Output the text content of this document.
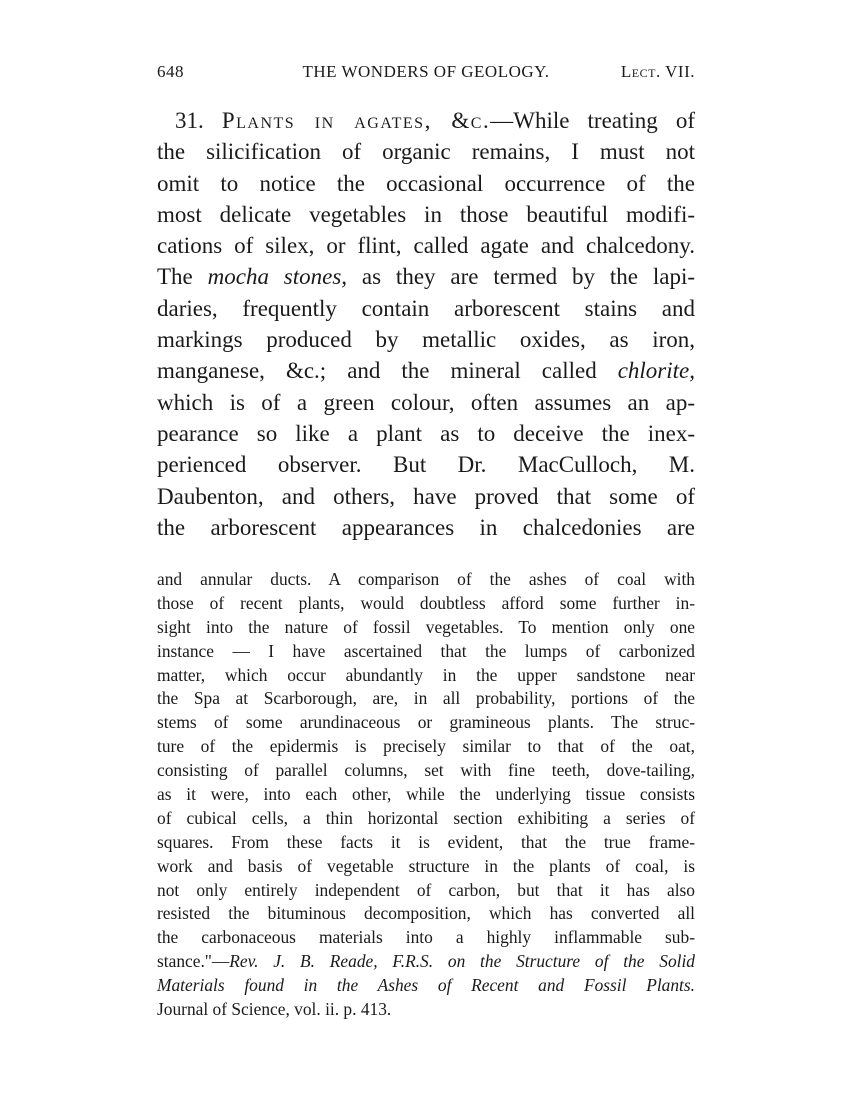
648	THE WONDERS OF GEOLOGY.	Lect. VII.
31. Plants in agates, &c.—While treating of
the silicification of organic remains, I must not
omit to notice the occasional occurrence of the
most delicate vegetables in those beautiful modifi-
cations of silex, or flint, called agate and chalcedony.
The mocha stones, as they are termed by the lapi-
daries, frequently contain arborescent stains and
markings produced by metallic oxides, as iron,
manganese, &c.; and the mineral called chlorite,
which is of a green colour, often assumes an ap-
pearance so like a plant as to deceive the inex-
perienced observer. But Dr. MacCulloch, M.
Daubenton, and others, have proved that some of
the arborescent appearances in chalcedonies are
and annular ducts. A comparison of the ashes of coal with
those of recent plants, would doubtless afford some further in-
sight into the nature of fossil vegetables. To mention only one
instance — I have ascertained that the lumps of carbonized
matter, which occur abundantly in the upper sandstone near
the Spa at Scarborough, are, in all probability, portions of the
stems of some arundinaceous or gramineous plants. The struc-
ture of the epidermis is precisely similar to that of the oat,
consisting of parallel columns, set with fine teeth, dove-tailing,
as it were, into each other, while the underlying tissue consists
of cubical cells, a thin horizontal section exhibiting a series of
squares. From these facts it is evident, that the true frame-
work and basis of vegetable structure in the plants of coal, is
not only entirely independent of carbon, but that it has also
resisted the bituminous decomposition, which has converted all
the carbonaceous materials into a highly inflammable sub-
stance."—Rev. J. B. Reade, F.R.S. on the Structure of the Solid
Materials found in the Ashes of Recent and Fossil Plants.
Journal of Science, vol. ii. p. 413.
